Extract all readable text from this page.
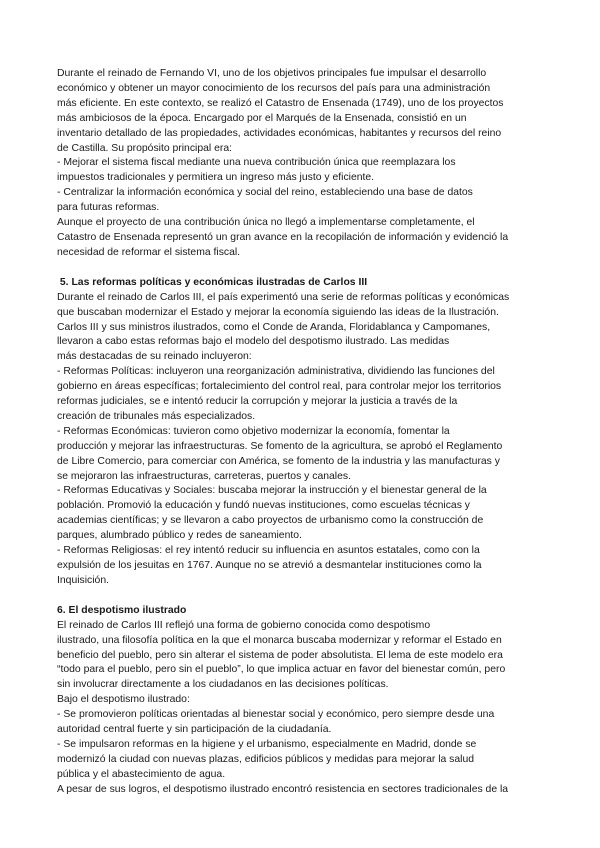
Durante el reinado de Fernando VI, uno de los objetivos principales fue impulsar el desarrollo
económico y obtener un mayor conocimiento de los recursos del país para una administración
más eficiente. En este contexto, se realizó el Catastro de Ensenada (1749), uno de los proyectos
más ambiciosos de la época. Encargado por el Marqués de la Ensenada, consistió en un
inventario detallado de las propiedades, actividades económicas, habitantes y recursos del reino
de Castilla. Su propósito principal era:
- Mejorar el sistema fiscal mediante una nueva contribución única que reemplazara los
impuestos tradicionales y permitiera un ingreso más justo y eficiente.
- Centralizar la información económica y social del reino, estableciendo una base de datos
para futuras reformas.
Aunque el proyecto de una contribución única no llegó a implementarse completamente, el
Catastro de Ensenada representó un gran avance en la recopilación de información y evidenció la
necesidad de reformar el sistema fiscal.
5. Las reformas políticas y económicas ilustradas de Carlos III
Durante el reinado de Carlos III, el país experimentó una serie de reformas políticas y económicas
que buscaban modernizar el Estado y mejorar la economía siguiendo las ideas de la Ilustración.
Carlos III y sus ministros ilustrados, como el Conde de Aranda, Floridablanca y Campomanes,
llevaron a cabo estas reformas bajo el modelo del despotismo ilustrado. Las medidas
más destacadas de su reinado incluyeron:
- Reformas Políticas: incluyeron una reorganización administrativa, dividiendo las funciones del
gobierno en áreas específicas; fortalecimiento del control real, para controlar mejor los territorios
reformas judiciales, se e intentó reducir la corrupción y mejorar la justicia a través de la
creación de tribunales más especializados.
- Reformas Económicas: tuvieron como objetivo modernizar la economía, fomentar la
producción y mejorar las infraestructuras. Se fomento de la agricultura, se aprobó el Reglamento
de Libre Comercio, para comerciar con América, se fomento de la industria y las manufacturas y
se mejoraron las infraestructuras, carreteras, puertos y canales.
- Reformas Educativas y Sociales: buscaba mejorar la instrucción y el bienestar general de la
población. Promovió la educación y fundó nuevas instituciones, como escuelas técnicas y
academias científicas; y se llevaron a cabo proyectos de urbanismo como la construcción de
parques, alumbrado público y redes de saneamiento.
- Reformas Religiosas: el rey intentó reducir su influencia en asuntos estatales, como con la
expulsión de los jesuitas en 1767. Aunque no se atrevió a desmantelar instituciones como la
Inquisición.
6. El despotismo ilustrado
El reinado de Carlos III reflejó una forma de gobierno conocida como despotismo
ilustrado, una filosofía política en la que el monarca buscaba modernizar y reformar el Estado en
beneficio del pueblo, pero sin alterar el sistema de poder absolutista. El lema de este modelo era
“todo para el pueblo, pero sin el pueblo”, lo que implica actuar en favor del bienestar común, pero
sin involucrar directamente a los ciudadanos en las decisiones políticas.
Bajo el despotismo ilustrado:
- Se promovieron políticas orientadas al bienestar social y económico, pero siempre desde una
autoridad central fuerte y sin participación de la ciudadanía.
- Se impulsaron reformas en la higiene y el urbanismo, especialmente en Madrid, donde se
modernizó la ciudad con nuevas plazas, edificios públicos y medidas para mejorar la salud
pública y el abastecimiento de agua.
A pesar de sus logros, el despotismo ilustrado encontró resistencia en sectores tradicionales de la
